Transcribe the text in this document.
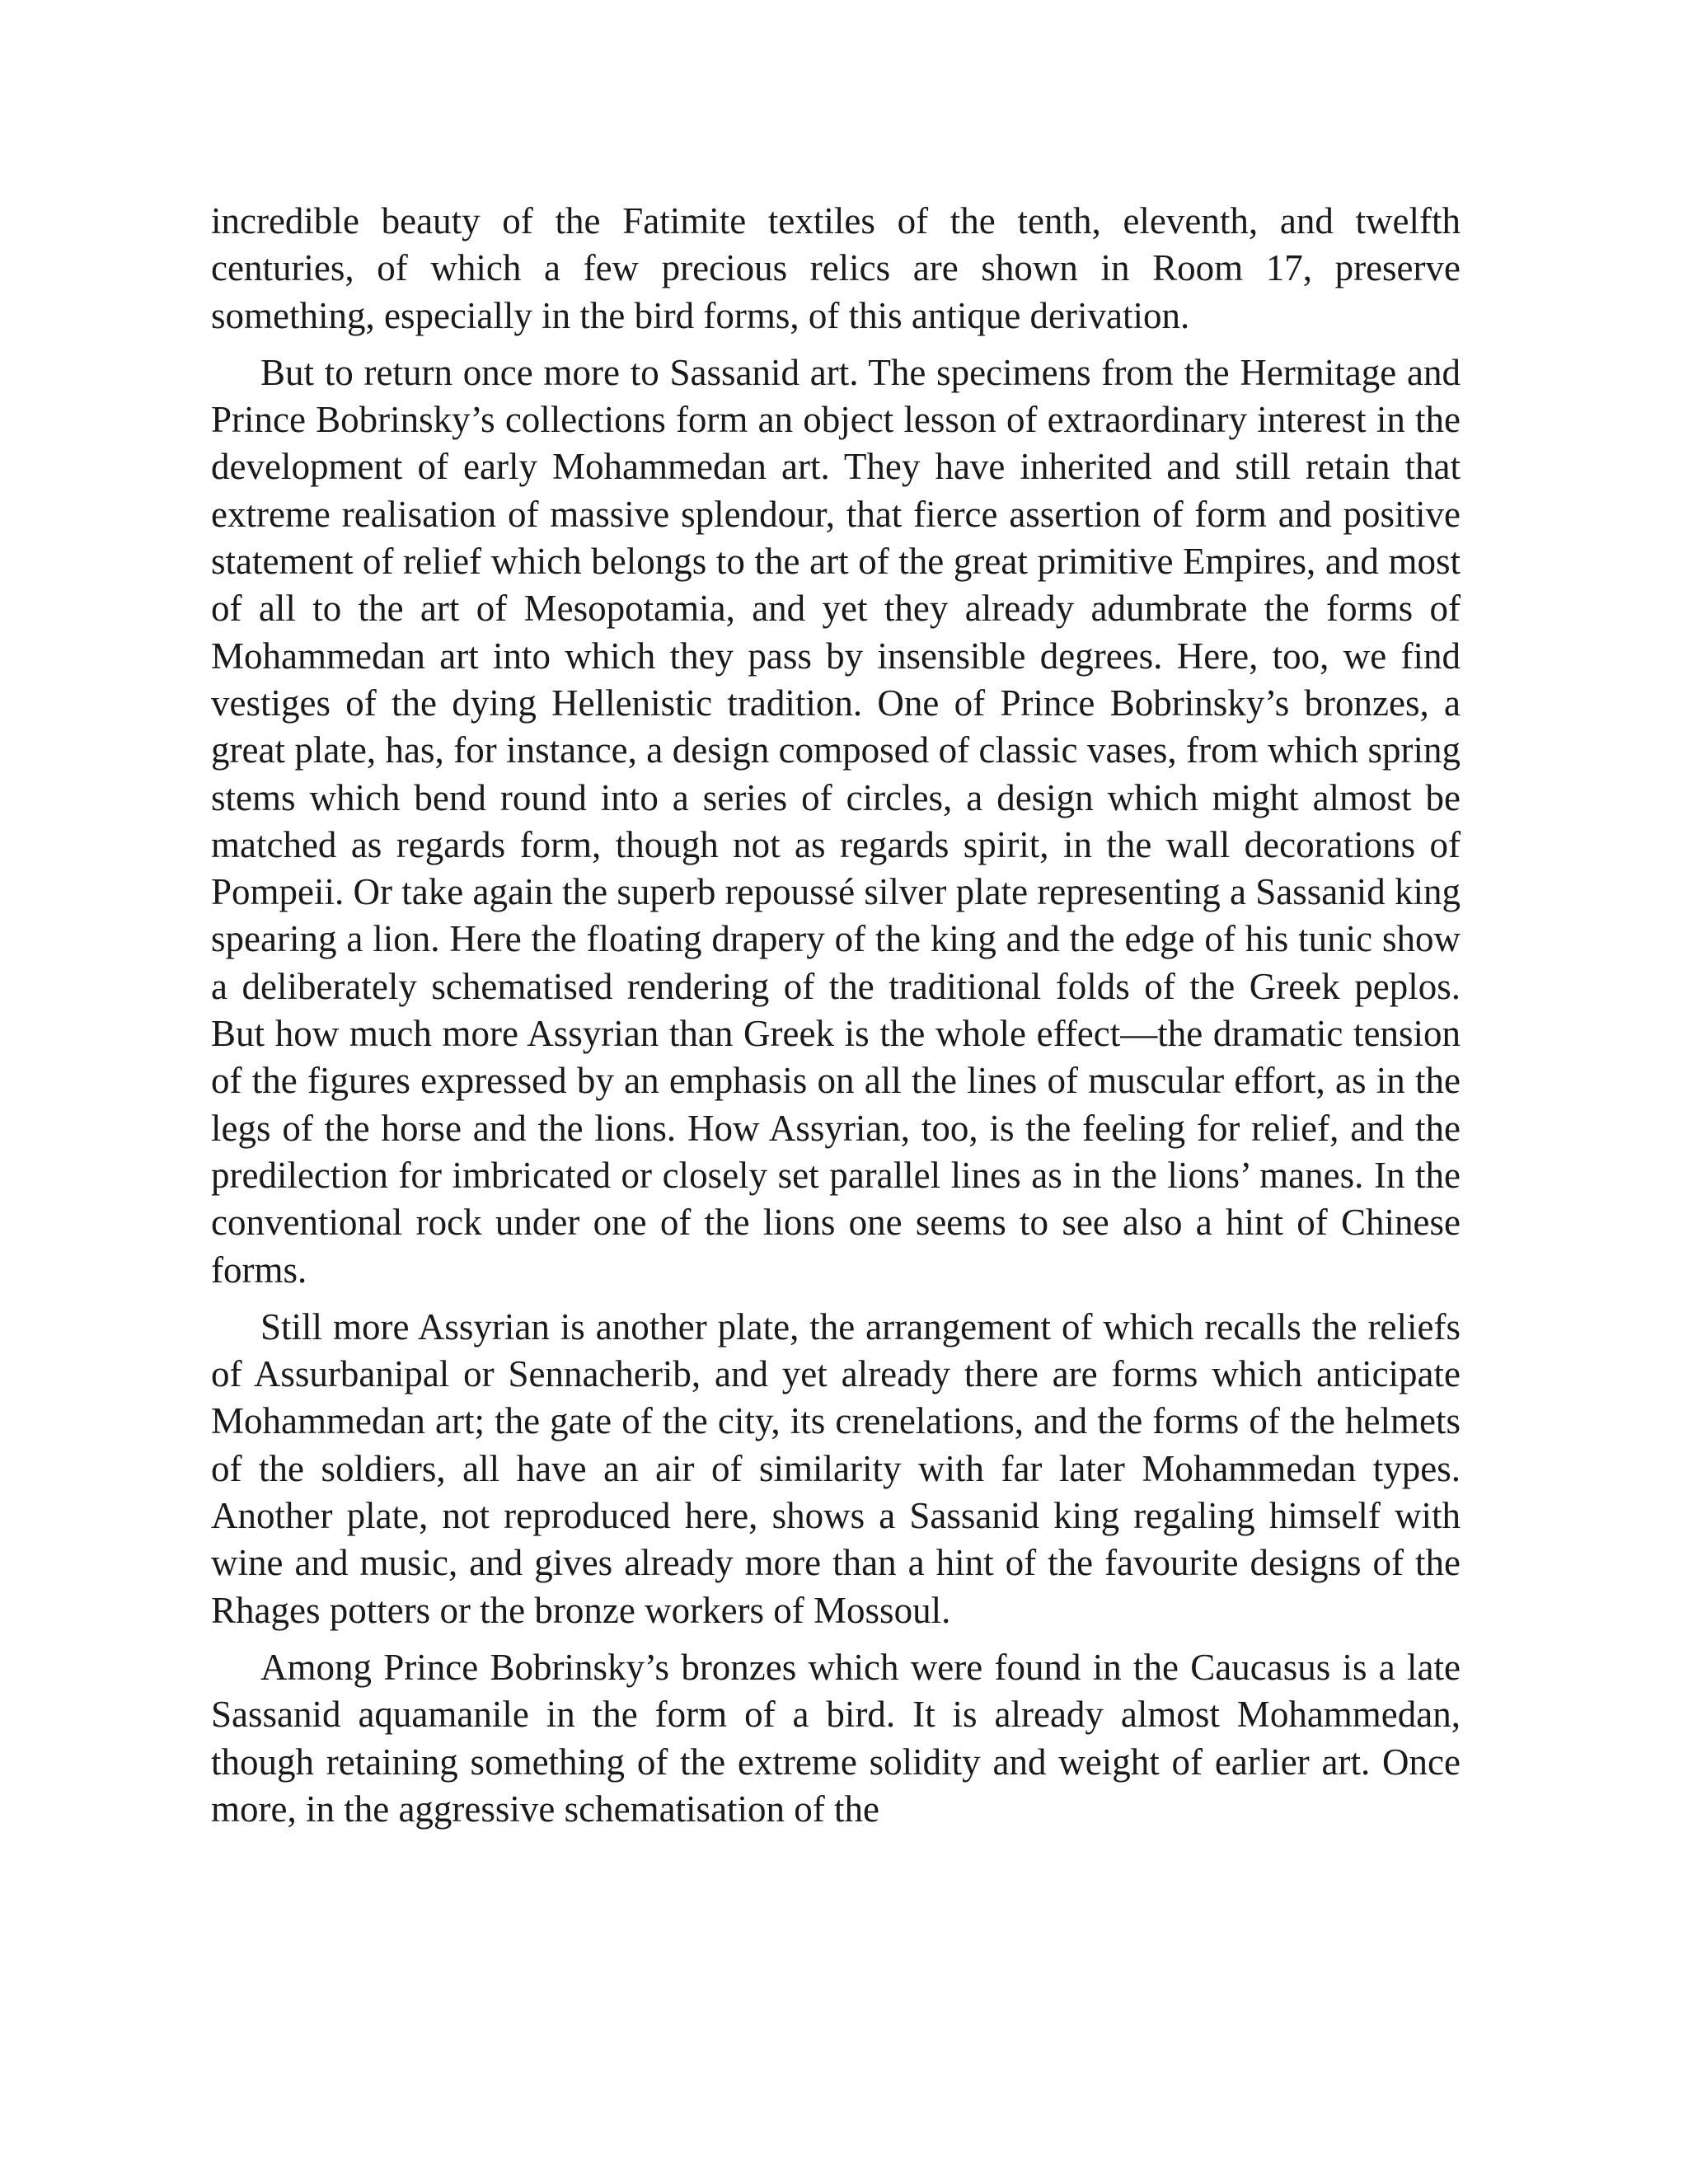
incredible beauty of the Fatimite textiles of the tenth, eleventh, and twelfth centuries, of which a few precious relics are shown in Room 17, preserve something, especially in the bird forms, of this antique derivation.

But to return once more to Sassanid art. The specimens from the Hermitage and Prince Bobrinsky’s collections form an object lesson of extraordinary interest in the development of early Mohammedan art. They have inherited and still retain that extreme realisation of massive splendour, that fierce assertion of form and positive statement of relief which belongs to the art of the great primitive Empires, and most of all to the art of Mesopotamia, and yet they already adumbrate the forms of Mohammedan art into which they pass by insensible degrees. Here, too, we find vestiges of the dying Hellenistic tradition. One of Prince Bobrinsky’s bronzes, a great plate, has, for instance, a design composed of classic vases, from which spring stems which bend round into a series of circles, a design which might almost be matched as regards form, though not as regards spirit, in the wall decorations of Pompeii. Or take again the superb repoussé silver plate representing a Sassanid king spearing a lion. Here the floating drapery of the king and the edge of his tunic show a deliberately schematised rendering of the traditional folds of the Greek peplos. But how much more Assyrian than Greek is the whole effect—the dramatic tension of the figures expressed by an emphasis on all the lines of muscular effort, as in the legs of the horse and the lions. How Assyrian, too, is the feeling for relief, and the predilection for imbricated or closely set parallel lines as in the lions’ manes. In the conventional rock under one of the lions one seems to see also a hint of Chinese forms.

Still more Assyrian is another plate, the arrangement of which recalls the reliefs of Assurbanipal or Sennacherib, and yet already there are forms which anticipate Mohammedan art; the gate of the city, its crenelations, and the forms of the helmets of the soldiers, all have an air of similarity with far later Mohammedan types. Another plate, not reproduced here, shows a Sassanid king regaling himself with wine and music, and gives already more than a hint of the favourite designs of the Rhages potters or the bronze workers of Mossoul.

Among Prince Bobrinsky’s bronzes which were found in the Caucasus is a late Sassanid aquamanile in the form of a bird. It is already almost Mohammedan, though retaining something of the extreme solidity and weight of earlier art. Once more, in the aggressive schematisation of the
